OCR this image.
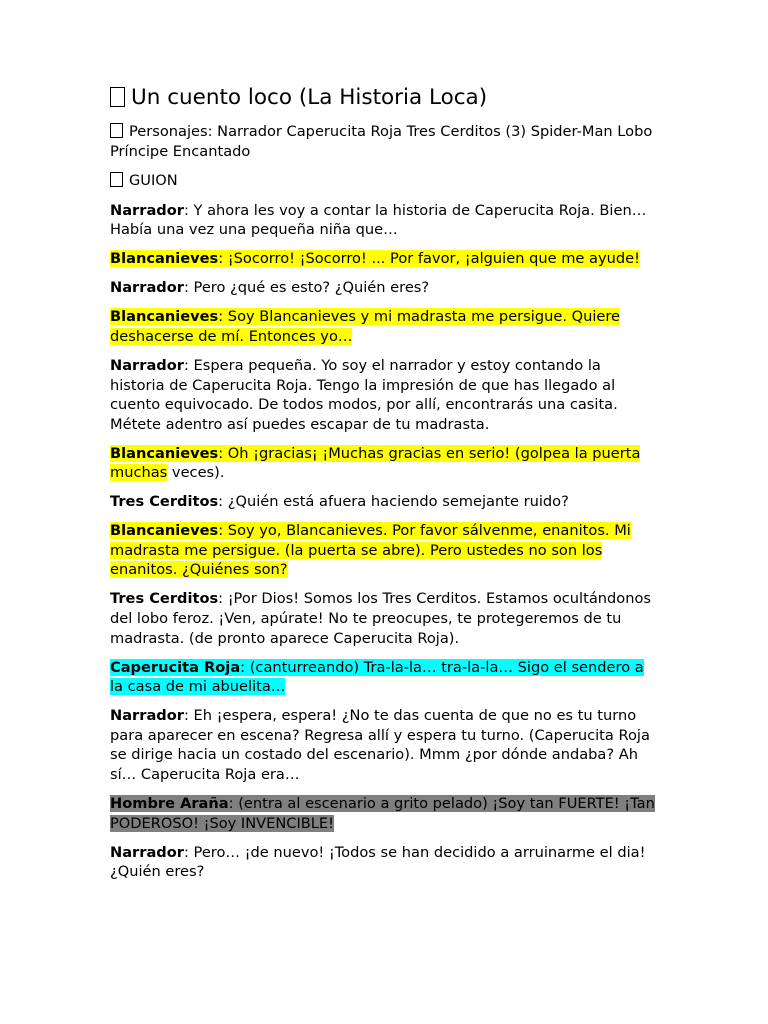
Un cuento loco (La Historia Loca)
Personajes: Narrador Caperucita Roja Tres Cerditos (3) Spider-Man Lobo Príncipe Encantado
GUION
Narrador: Y ahora les voy a contar la historia de Caperucita Roja. Bien… Había una vez una pequeña niña que…
Blancanieves: ¡Socorro! ¡Socorro! ... Por favor, ¡alguien que me ayude!
Narrador: Pero ¿qué es esto? ¿Quién eres?
Blancanieves: Soy Blancanieves y mi madrasta me persigue. Quiere deshacerse de mí. Entonces yo…
Narrador: Espera pequeña. Yo soy el narrador y estoy contando la historia de Caperucita Roja. Tengo la impresión de que has llegado al cuento equivocado. De todos modos, por allí, encontrarás una casita. Métete adentro así puedes escapar de tu madrasta.
Blancanieves: Oh ¡gracias¡ ¡Muchas gracias en serio! (golpea la puerta muchas veces).
Tres Cerditos: ¿Quién está afuera haciendo semejante ruido?
Blancanieves: Soy yo, Blancanieves. Por favor sálvenme, enanitos. Mi madrasta me persigue. (la puerta se abre). Pero ustedes no son los enanitos. ¿Quiénes son?
Tres Cerditos: ¡Por Dios! Somos los Tres Cerditos. Estamos ocultándonos del lobo feroz. ¡Ven, apúrate! No te preocupes, te protegeremos de tu madrasta. (de pronto aparece Caperucita Roja).
Caperucita Roja: (canturreando) Tra-la-la… tra-la-la… Sigo el sendero a la casa de mi abuelita…
Narrador: Eh ¡espera, espera! ¿No te das cuenta de que no es tu turno para aparecer en escena? Regresa allí y espera tu turno. (Caperucita Roja se dirige hacia un costado del escenario). Mmm ¿por dónde andaba? Ah sí… Caperucita Roja era…
Hombre Araña: (entra al escenario a grito pelado) ¡Soy tan FUERTE! ¡Tan PODEROSO! ¡Soy INVENCIBLE!
Narrador: Pero… ¡de nuevo! ¡Todos se han decidido a arruinarme el dia! ¿Quién eres?
